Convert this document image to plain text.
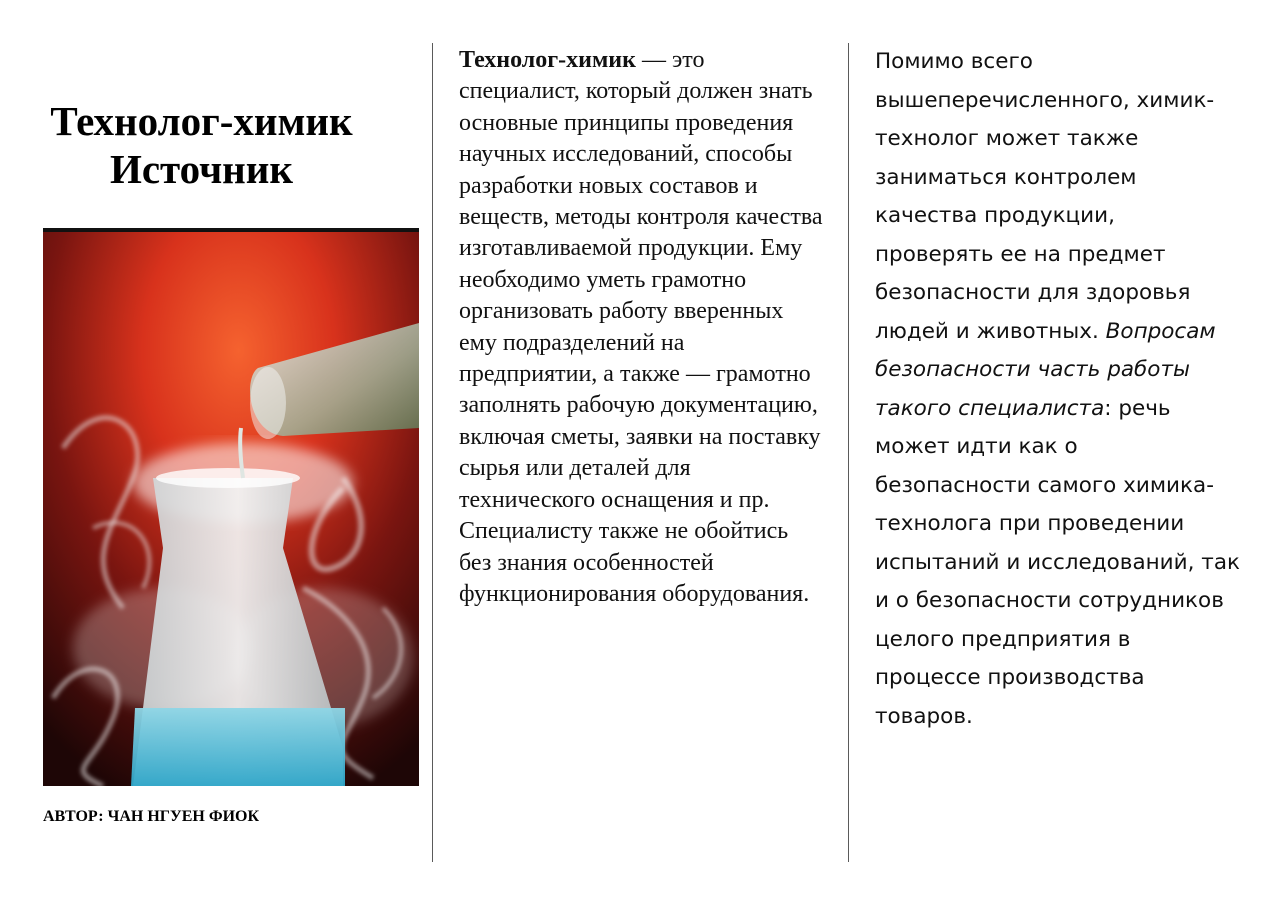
Технолог-химик
Источник
АВТОР: ЧАН НГУЕН ФИОК
Технолог-химик — это специалист, который должен знать основные принципы проведения научных исследований, способы разработки новых составов и веществ, методы контроля качества изготавливаемой продукции. Ему необходимо уметь грамотно организовать работу вверенных ему подразделений на предприятии, а также — грамотно заполнять рабочую документацию, включая сметы, заявки на поставку сырья или деталей для технического оснащения и пр. Специалисту также не обойтись без знания особенностей функционирования оборудования.
Помимо всего вышеперечисленного, химик-технолог может также заниматься контролем качества продукции, проверять ее на предмет безопасности для здоровья людей и животных. Вопросам безопасности часть работы такого специалиста: речь может идти как о безопасности самого химика-технолога при проведении испытаний и исследований, так и о безопасности сотрудников целого предприятия в процессе производства товаров.
